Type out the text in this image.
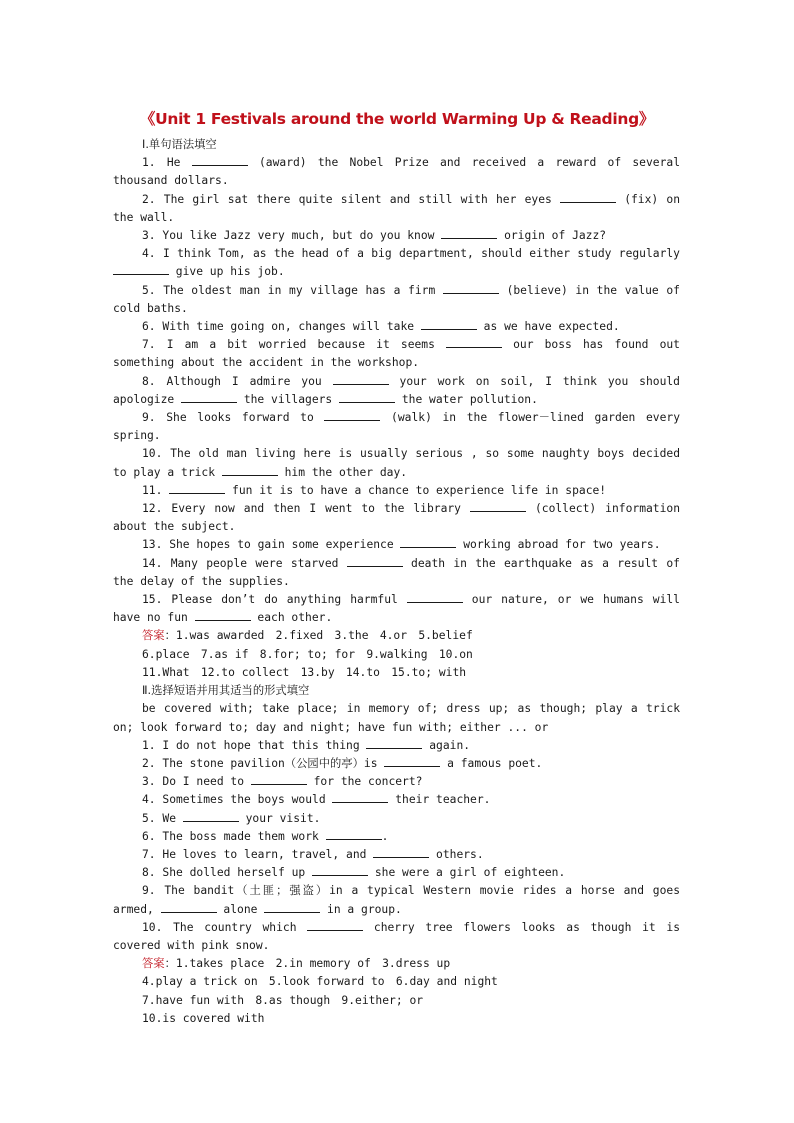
《Unit 1 Festivals around the world Warming Up & Reading》

Ⅰ.单句语法填空

1. He	(award) the Nobel Prize and received a reward of several thousand dollars.

2. The girl sat there quite silent and still with her eyes	(fix) on the wall.

3. You like Jazz very much, but do you know	origin of Jazz?

4. I think Tom, as the head of a big department, should either study regularly  give up his job.

5. The oldest man in my village has a firm	(believe) in the value of cold baths.

6. With time going on, changes will take	as we have expected.

7. I am a bit worried because it seems	our boss has found out something about the accident in the workshop.

8. Although I admire you	your work on soil, I think you should apologize	the villagers	the water pollution.

9. She looks forward to	(walk) in the flower－lined garden every spring.

10. The old man living here is usually serious , so some naughty boys decided to play a trick	him the other day.

11.	fun it is to have a chance to experience life in space!

12. Every now and then I went to the library	(collect) information about the subject.

13. She hopes to gain some experience	working abroad for two years.

14. Many people were starved	death in the earthquake as a result of the delay of the supplies.

15. Please don’t do anything harmful	our nature, or we humans will have no fun	each other.

答案：1.was awarded　2.fixed　3.the　4.or　5.belief

6.place　7.as if　8.for; to; for　9.walking　10.on

11.What　12.to collect　13.by　14.to　15.to; with

Ⅱ.选择短语并用其适当的形式填空

be covered with; take place; in memory of; dress up; as though; play a trick on; look forward to; day and night; have fun with; either ... or

1. I do not hope that this thing	again.

2. The stone pavilion（公园中的亭）is	a famous poet.

3. Do I need to	for the concert?

4. Sometimes the boys would	their teacher.

5. We	your visit.

6. The boss made them work	.

7. He loves to learn, travel, and	others.

8. She dolled herself up	she were a girl of eighteen.

9. The bandit（土匪；强盗）in a typical Western movie rides a horse and goes armed,	alone	in a group.

10. The country which	cherry tree flowers looks as though it is covered with pink snow.

答案：1.takes place　2.in memory of　3.dress up

4.play a trick on　5.look forward to　6.day and night

7.have fun with　8.as though　9.either; or

10.is covered with
